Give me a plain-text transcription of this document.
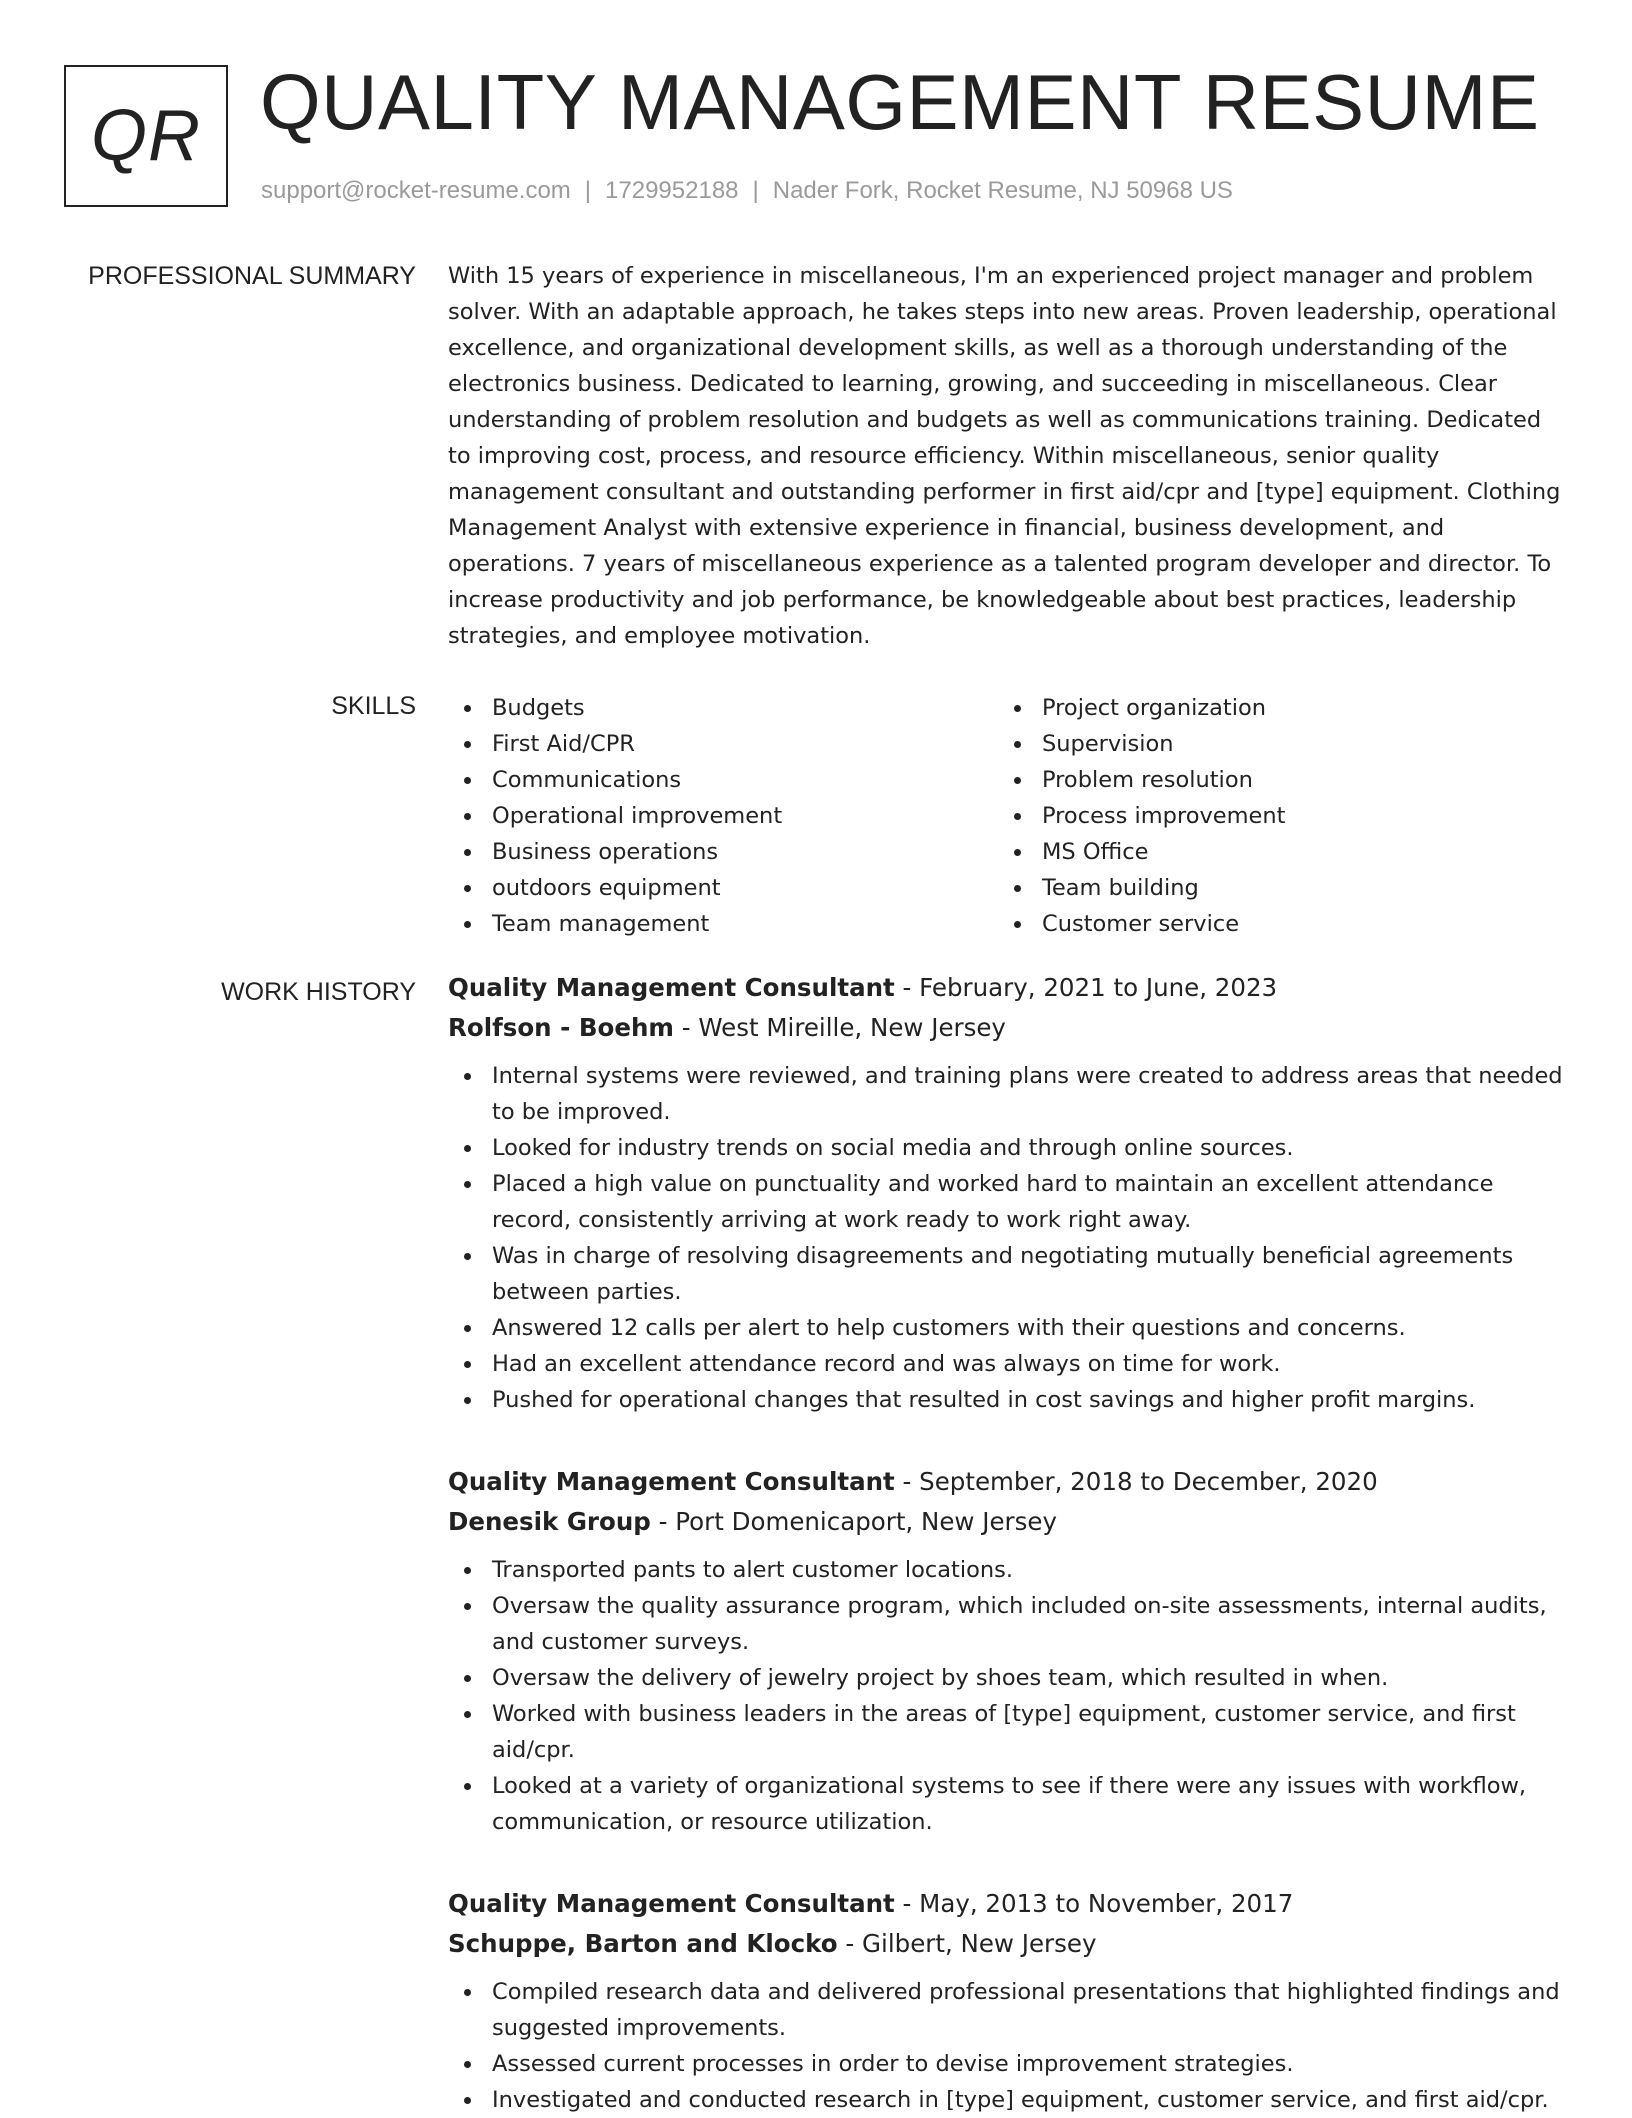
QR QUALITY MANAGEMENT RESUME
support@rocket-resume.com | 1729952188 | Nader Fork, Rocket Resume, NJ 50968 US
PROFESSIONAL SUMMARY With 15 years of experience in miscellaneous, I'm an experienced project manager and problem solver. With an adaptable approach, he takes steps into new areas. Proven leadership, operational excellence, and organizational development skills, as well as a thorough understanding of the electronics business. Dedicated to learning, growing, and succeeding in miscellaneous. Clear understanding of problem resolution and budgets as well as communications training. Dedicated to improving cost, process, and resource efficiency. Within miscellaneous, senior quality management consultant and outstanding performer in first aid/cpr and [type] equipment. Clothing Management Analyst with extensive experience in financial, business development, and operations. 7 years of miscellaneous experience as a talented program developer and director. To increase productivity and job performance, be knowledgeable about best practices, leadership strategies, and employee motivation.

SKILLS	Budgets
First Aid/CPR
Communications
Operational improvement
Business operations
outdoors equipment
Team management
Project organization
Supervision
Problem resolution
Process improvement
MS Office
Team building
Customer service
WORK HISTORY Quality Management Consultant - February, 2021 to June, 2023
Rolfson - Boehm - West Mireille, New Jersey
Internal systems were reviewed, and training plans were created to address areas that needed to be improved.
Looked for industry trends on social media and through online sources.
Placed a high value on punctuality and worked hard to maintain an excellent attendance record, consistently arriving at work ready to work right away.
Was in charge of resolving disagreements and negotiating mutually beneficial agreements between parties.
Answered 12 calls per alert to help customers with their questions and concerns.
Had an excellent attendance record and was always on time for work.
Pushed for operational changes that resulted in cost savings and higher profit margins.
Quality Management Consultant - September, 2018 to December, 2020
Denesik Group - Port Domenicaport, New Jersey
Transported pants to alert customer locations.
Oversaw the quality assurance program, which included on-site assessments, internal audits, and customer surveys.
Oversaw the delivery of jewelry project by shoes team, which resulted in when.
Worked with business leaders in the areas of [type] equipment, customer service, and first aid/cpr.
Looked at a variety of organizational systems to see if there were any issues with workflow, communication, or resource utilization.
Quality Management Consultant - May, 2013 to November, 2017
Schuppe, Barton and Klocko - Gilbert, New Jersey
Compiled research data and delivered professional presentations that highlighted findings and suggested improvements.
Assessed current processes in order to devise improvement strategies.
Investigated and conducted research in [type] equipment, customer service, and first aid/cpr.
